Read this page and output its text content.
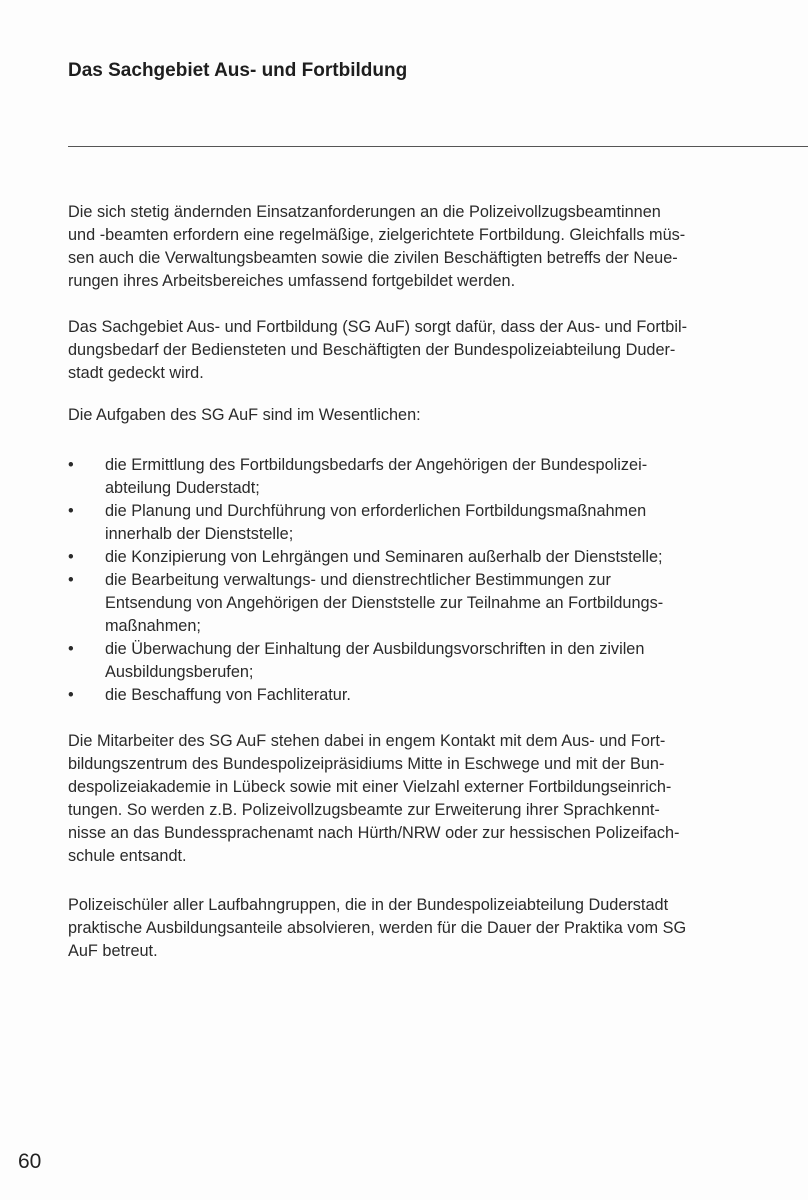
Das Sachgebiet Aus- und Fortbildung
Die sich stetig ändernden Einsatzanforderungen an die Polizeivollzugsbeamtinnen
und -beamten erfordern eine regelmäßige, zielgerichtete Fortbildung. Gleichfalls müs-
sen auch die Verwaltungsbeamten sowie die zivilen Beschäftigten betreffs der Neue-
rungen ihres Arbeitsbereiches umfassend fortgebildet werden.
Das Sachgebiet Aus- und Fortbildung (SG AuF) sorgt dafür, dass der Aus- und Fortbil-
dungsbedarf der Bediensteten und Beschäftigten der Bundespolizeiabteilung Duder-
stadt gedeckt wird.
Die Aufgaben des SG AuF sind im Wesentlichen:
• die Ermittlung des Fortbildungsbedarfs der Angehörigen der Bundespolizei-
abteilung Duderstadt;
• die Planung und Durchführung von erforderlichen Fortbildungsmaßnahmen
innerhalb der Dienststelle;
• die Konzipierung von Lehrgängen und Seminaren außerhalb der Dienststelle;
• die Bearbeitung verwaltungs- und dienstrechtlicher Bestimmungen zur
Entsendung von Angehörigen der Dienststelle zur Teilnahme an Fortbildungs-
maßnahmen;
• die Überwachung der Einhaltung der Ausbildungsvorschriften in den zivilen
Ausbildungsberufen;
• die Beschaffung von Fachliteratur.
Die Mitarbeiter des SG AuF stehen dabei in engem Kontakt mit dem Aus- und Fort-
bildungszentrum des Bundespolizeipräsidiums Mitte in Eschwege und mit der Bun-
despolizeiakademie in Lübeck sowie mit einer Vielzahl externer Fortbildungseinrich-
tungen. So werden z.B. Polizeivollzugsbeamte zur Erweiterung ihrer Sprachkennt-
nisse an das Bundessprachenamt nach Hürth/NRW oder zur hessischen Polizeifach-
schule entsandt.
Polizeischüler aller Laufbahngruppen, die in der Bundespolizeiabteilung Duderstadt
praktische Ausbildungsanteile absolvieren, werden für die Dauer der Praktika vom SG
AuF betreut.
60
